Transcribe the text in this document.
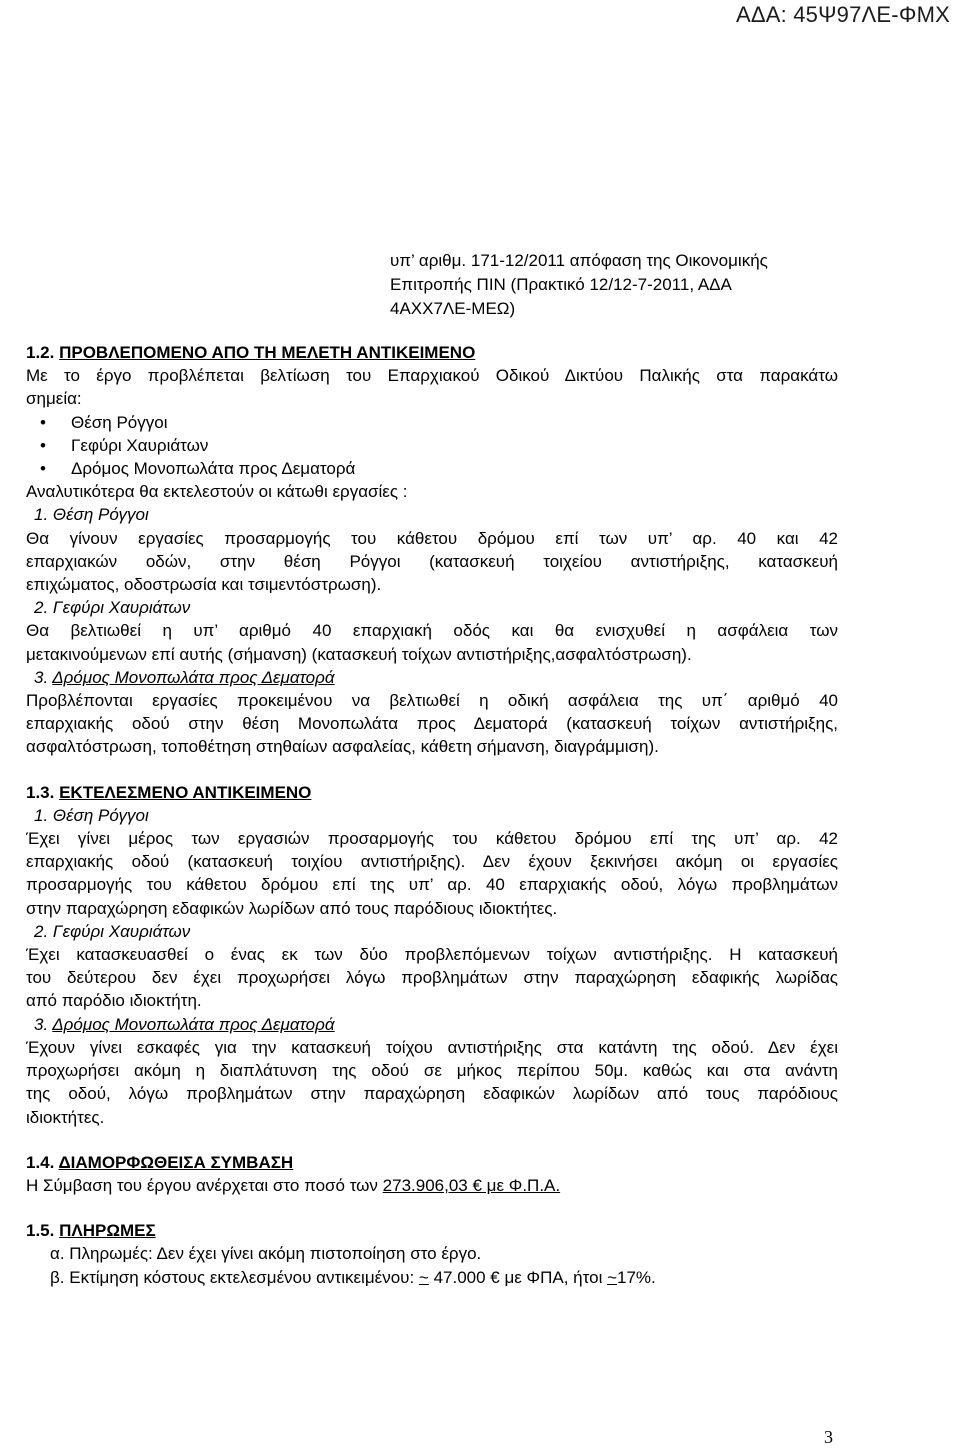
ΑΔΑ: 45Ψ97ΛΕ-ΦΜΧ
υπ’ αριθμ. 171-12/2011 απόφαση της Οικονομικής
Επιτροπής ΠΙΝ (Πρακτικό 12/12-7-2011, ΑΔΑ
4ΑΧΧ7ΛΕ-ΜΕΩ)

1.2. ΠΡΟΒΛΕΠΟΜΕΝΟ ΑΠΟ ΤΗ ΜΕΛΕΤΗ ΑΝΤΙΚΕΙΜΕΝΟ

Με το έργο προβλέπεται βελτίωση του Επαρχιακού Οδικού Δικτύου Παλικής στα παρακάτω

σημεία:

• Θέση Ρόγγοι
• Γεφύρι Χαυριάτων
• Δρόμος Μονοπωλάτα προς Δεματορά

Αναλυτικότερα θα εκτελεστούν οι κάτωθι εργασίες :

1. Θέση Ρόγγοι

Θα γίνουν εργασίες προσαρμογής του κάθετου δρόμου επί των υπ’ αρ. 40 και 42

επαρχιακών οδών, στην θέση Ρόγγοι (κατασκευή τοιχείου αντιστήριξης, κατασκευή

επιχώματος, οδοστρωσία και τσιμεντόστρωση).

2. Γεφύρι Χαυριάτων

Θα βελτιωθεί η υπ’ αριθμό 40 επαρχιακή οδός και θα ενισχυθεί η ασφάλεια των

μετακινούμενων επί αυτής (σήμανση) (κατασκευή τοίχων αντιστήριξης,ασφαλτόστρωση).

3. Δρόμος Μονοπωλάτα προς Δεματορά

Προβλέπονται εργασίες προκειμένου να βελτιωθεί η οδική ασφάλεια της υπ΄ αριθμό 40

επαρχιακής οδού στην θέση Μονοπωλάτα προς Δεματορά (κατασκευή τοίχων αντιστήριξης,

ασφαλτόστρωση, τοποθέτηση στηθαίων ασφαλείας, κάθετη σήμανση, διαγράμμιση).

1.3. ΕΚΤΕΛΕΣΜΕΝΟ ΑΝΤΙΚΕΙΜΕΝΟ

1. Θέση Ρόγγοι

Έχει γίνει μέρος των εργασιών προσαρμογής του κάθετου δρόμου επί της υπ’ αρ. 42

επαρχιακής οδού (κατασκευή τοιχίου αντιστήριξης). Δεν έχουν ξεκινήσει ακόμη οι εργασίες

προσαρμογής του κάθετου δρόμου επί της υπ’ αρ. 40 επαρχιακής οδού, λόγω προβλημάτων

στην παραχώρηση εδαφικών λωρίδων από τους παρόδιους ιδιοκτήτες.

2. Γεφύρι Χαυριάτων

Έχει κατασκευασθεί ο ένας εκ των δύο προβλεπόμενων τοίχων αντιστήριξης. Η κατασκευή

του δεύτερου δεν έχει προχωρήσει λόγω προβλημάτων στην παραχώρηση εδαφικής λωρίδας

από παρόδιο ιδιοκτήτη.

3. Δρόμος Μονοπωλάτα προς Δεματορά

Έχουν γίνει εσκαφές για την κατασκευή τοίχου αντιστήριξης στα κατάντη της οδού. Δεν έχει

προχωρήσει ακόμη η διαπλάτυνση της οδού σε μήκος περίπου 50μ. καθώς και στα ανάντη

της οδού, λόγω προβλημάτων στην παραχώρηση εδαφικών λωρίδων από τους παρόδιους

ιδιοκτήτες.

1.4. ΔΙΑΜΟΡΦΩΘΕΙΣΑ ΣΥΜΒΑΣΗ

Η Σύμβαση του έργου ανέρχεται στο ποσό των 273.906,03 € με Φ.Π.Α.

1.5. ΠΛΗΡΩΜΕΣ

α. Πληρωμές: Δεν έχει γίνει ακόμη πιστοποίηση στο έργο.

β. Εκτίμηση κόστους εκτελεσμένου αντικειμένου: ~ 47.000 € με ΦΠΑ, ήτοι ~17%.

3
